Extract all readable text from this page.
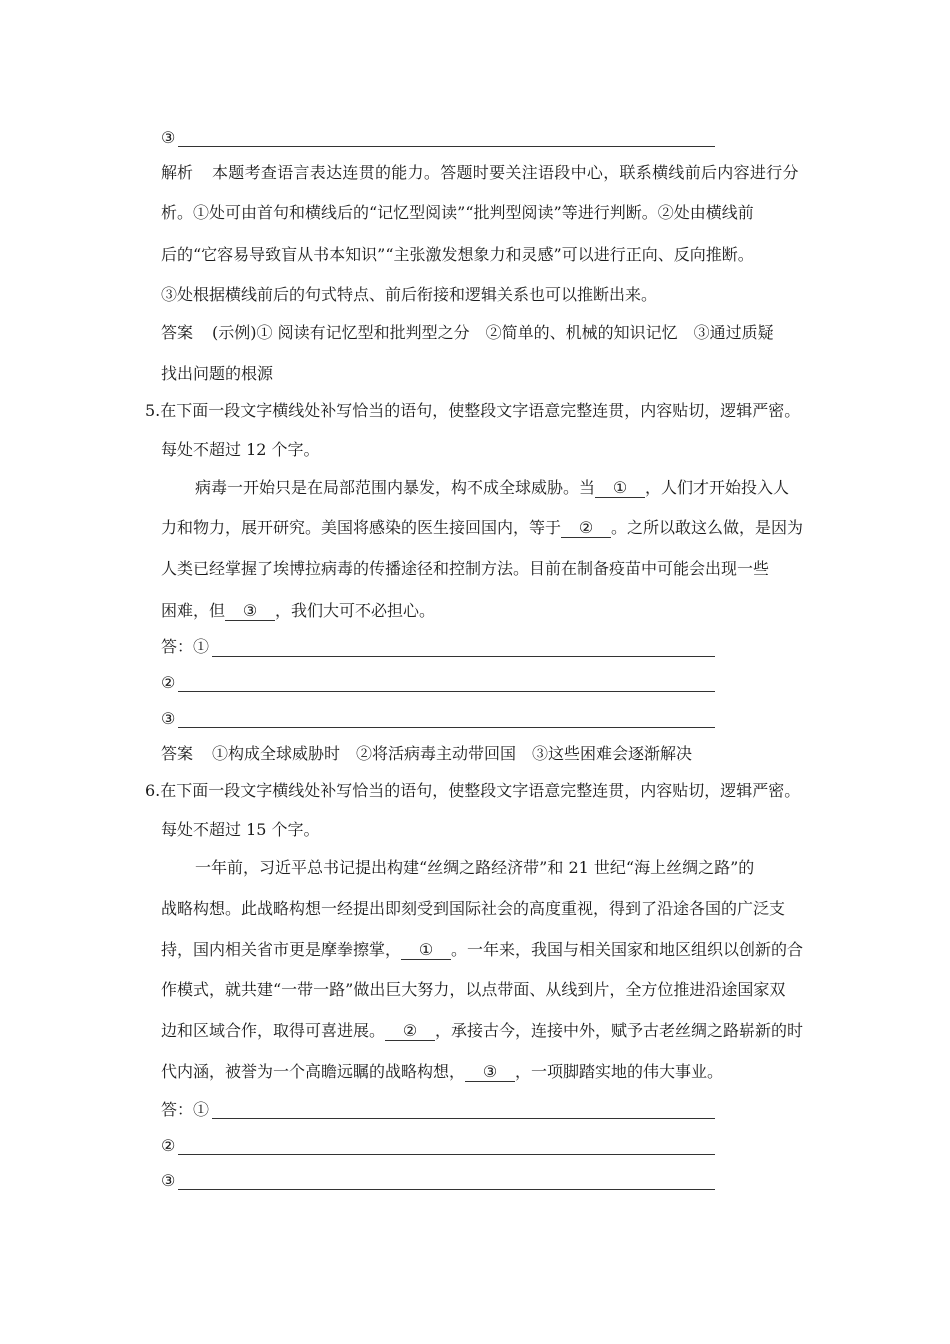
③
解析 本题考查语言表达连贯的能力。答题时要关注语段中心，联系横线前后内容进行分
析。①处可由首句和横线后的“记忆型阅读”“批判型阅读”等进行判断。②处由横线前
后的“它容易导致盲从书本知识”“主张激发想象力和灵感”可以进行正向、反向推断。
③处根据横线前后的句式特点、前后衔接和逻辑关系也可以推断出来。
答案 (示例)① 阅读有记忆型和批判型之分　②简单的、机械的知识记忆　③通过质疑
找出问题的根源
5.在下面一段文字横线处补写恰当的语句，使整段文字语意完整连贯，内容贴切，逻辑严密。
每处不超过 12 个字。
病毒一开始只是在局部范围内暴发，构不成全球威胁。当 ① ，人们才开始投入人
力和物力，展开研究。美国将感染的医生接回国内，等于 ② 。之所以敢这么做，是因为
人类已经掌握了埃博拉病毒的传播途径和控制方法。目前在制备疫苗中可能会出现一些
困难，但 ③ ，我们大可不必担心。
答：①
②
③
答案 ①构成全球威胁时　②将活病毒主动带回国　③这些困难会逐渐解决
6.在下面一段文字横线处补写恰当的语句，使整段文字语意完整连贯，内容贴切，逻辑严密。
每处不超过 15 个字。
一年前，习近平总书记提出构建“丝绸之路经济带”和 21 世纪“海上丝绸之路”的
战略构想。此战略构想一经提出即刻受到国际社会的高度重视，得到了沿途各国的广泛支
持，国内相关省市更是摩拳擦掌， ① 。一年来，我国与相关国家和地区组织以创新的合
作模式，就共建“一带一路”做出巨大努力，以点带面、从线到片，全方位推进沿途国家双
边和区域合作，取得可喜进展。 ② ，承接古今，连接中外，赋予古老丝绸之路崭新的时
代内涵，被誉为一个高瞻远瞩的战略构想， ③ ，一项脚踏实地的伟大事业。
答：①
②
③
